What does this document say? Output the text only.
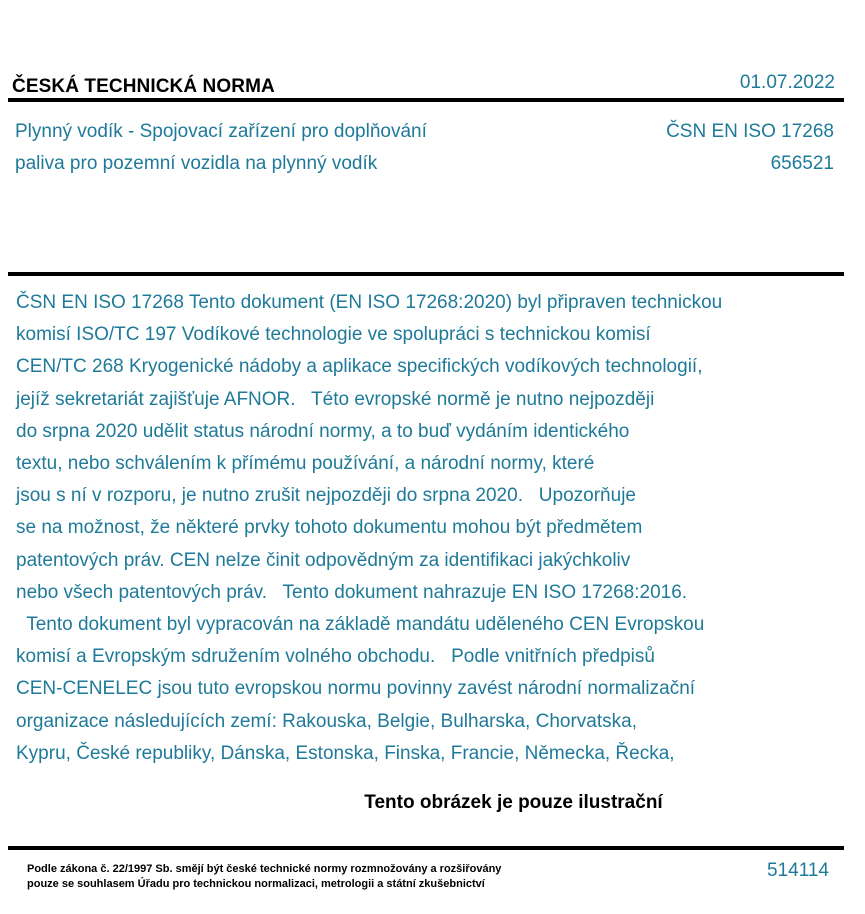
ČESKÁ TECHNICKÁ NORMA	01.07.2022
Plynný vodík - Spojovací zařízení pro doplňování
paliva pro pozemní vozidla na plynný vodík
ČSN EN ISO 17268
656521
ČSN EN ISO 17268 Tento dokument (EN ISO 17268:2020) byl připraven technickou
komisí ISO/TC 197 Vodíkové technologie ve spolupráci s technickou komisí
CEN/TC 268 Kryogenické nádoby a aplikace specifických vodíkových technologií,
jejíž sekretariát zajišťuje AFNOR.   Této evropské normě je nutno nejpozději
do srpna 2020 udělit status národní normy, a to buď vydáním identického
textu, nebo schválením k přímému používání, a národní normy, které
jsou s ní v rozporu, je nutno zrušit nejpozději do srpna 2020.   Upozorňuje
se na možnost, že některé prvky tohoto dokumentu mohou být předmětem
patentových práv. CEN nelze činit odpovědným za identifikaci jakýchkoliv
nebo všech patentových práv.   Tento dokument nahrazuje EN ISO 17268:2016.
Tento dokument byl vypracován na základě mandátu uděleného CEN Evropskou
komisí a Evropským sdružením volného obchodu.   Podle vnitřních předpisů
CEN-CENELEC jsou tuto evropskou normu povinny zavést národní normalizační
organizace následujících zemí: Rakouska, Belgie, Bulharska, Chorvatska,
Kypru, České republiky, Dánska, Estonska, Finska, Francie, Německa, Řecka,
Tento obrázek je pouze ilustrační
Podle zákona č. 22/1997 Sb. smějí být české technické normy rozmnožovány a rozšiřovány
pouze se souhlasem Úřadu pro technickou normalizaci, metrologii a státní zkušebnictví
514114
